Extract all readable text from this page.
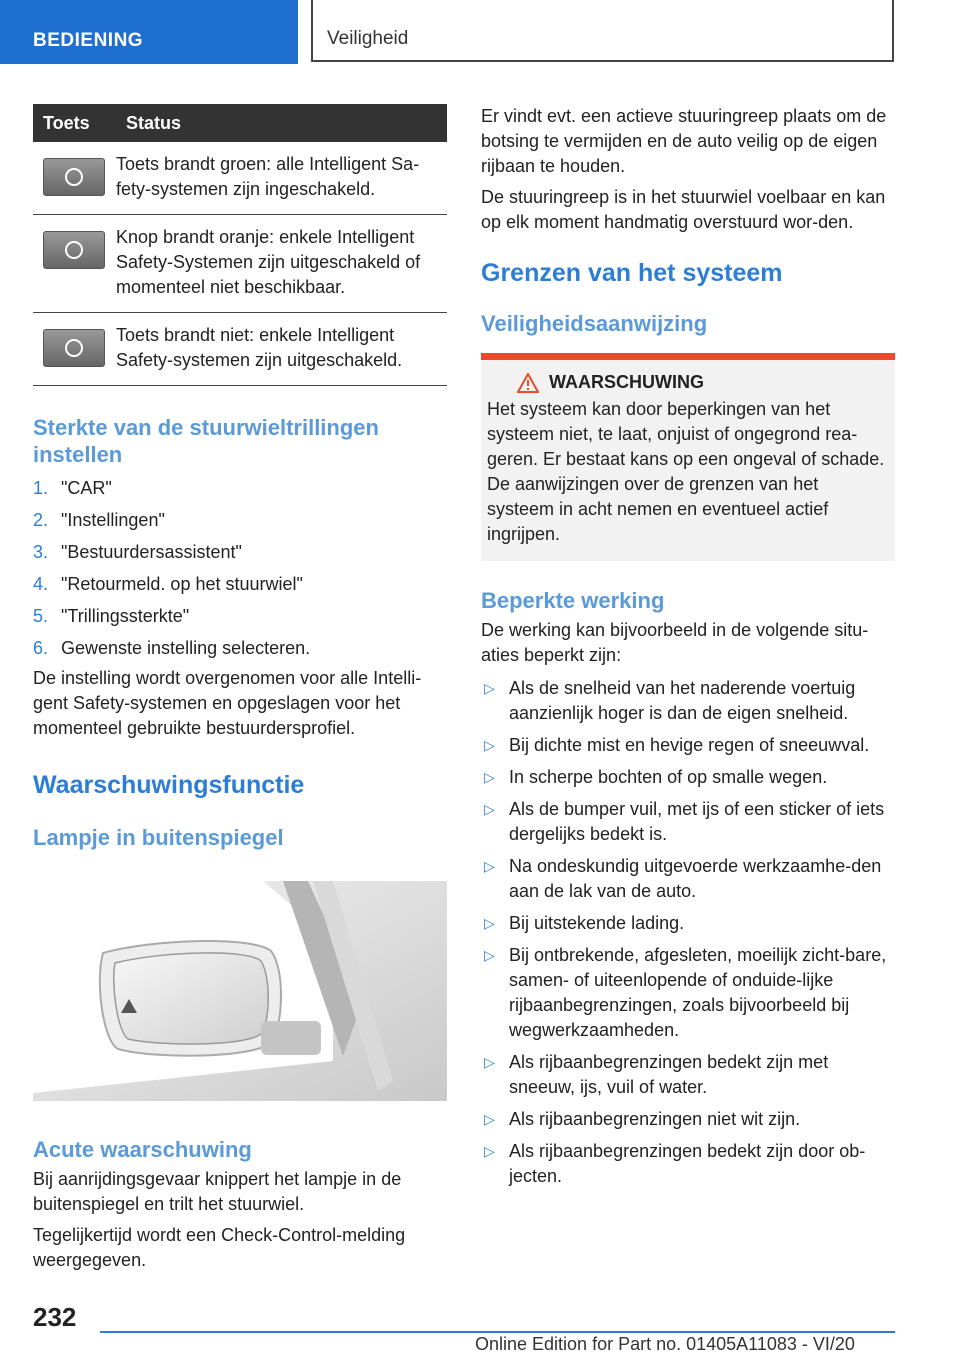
BEDIENING	Veiligheid
Toets	Status

	Toets brandt groen: alle Intelligent Sa-fety-systemen zijn ingeschakeld.

	Knop brandt oranje: enkele Intelligent Safety-Systemen zijn uitgeschakeld of momenteel niet beschikbaar.

	Toets brandt niet: enkele Intelligent Safety-systemen zijn uitgeschakeld.
Sterkte van de stuurwieltrillingen instellen
1. "CAR"
2. "Instellingen"
3. "Bestuurdersassistent"
4. "Retourmeld. op het stuurwiel"
5. "Trillingssterkte"
6. Gewenste instelling selecteren.

De instelling wordt overgenomen voor alle Intelli-gent Safety-systemen en opgeslagen voor het momenteel gebruikte bestuurdersprofiel.

Waarschuwingsfunctie
Lampje in buitenspiegel
Acute waarschuwing

Bij aanrijdingsgevaar knippert het lampje in de buitenspiegel en trilt het stuurwiel.

Tegelijkertijd wordt een Check-Control-melding weergegeven.

Er vindt evt. een actieve stuuringreep plaats om de botsing te vermijden en de auto veilig op de eigen rijbaan te houden.

De stuuringreep is in het stuurwiel voelbaar en kan op elk moment handmatig overstuurd wor-den.

Grenzen van het systeem
Veiligheidsaanwijzing
WAARSCHUWING

Het systeem kan door beperkingen van het systeem niet, te laat, onjuist of ongegrond rea-geren. Er bestaat kans op een ongeval of schade. De aanwijzingen over de grenzen van het systeem in acht nemen en eventueel actief ingrijpen.

Beperkte werking

De werking kan bijvoorbeeld in de volgende situ-aties beperkt zijn:

▷ Als de snelheid van het naderende voertuig aanzienlijk hoger is dan de eigen snelheid.
▷ Bij dichte mist en hevige regen of sneeuwval.
▷ In scherpe bochten of op smalle wegen.
▷ Als de bumper vuil, met ijs of een sticker of iets dergelijks bedekt is.
▷ Na ondeskundig uitgevoerde werkzaamhe-den aan de lak van de auto.
▷ Bij uitstekende lading.
▷ Bij ontbrekende, afgesleten, moeilijk zicht-bare, samen- of uiteenlopende of onduide-lijke rijbaanbegrenzingen, zoals bijvoorbeeld bij wegwerkzaamheden.
▷ Als rijbaanbegrenzingen bedekt zijn met sneeuw, ijs, vuil of water.
▷ Als rijbaanbegrenzingen niet wit zijn.
▷ Als rijbaanbegrenzingen bedekt zijn door ob-jecten.
232
Online Edition for Part no. 01405A11083 - VI/20
